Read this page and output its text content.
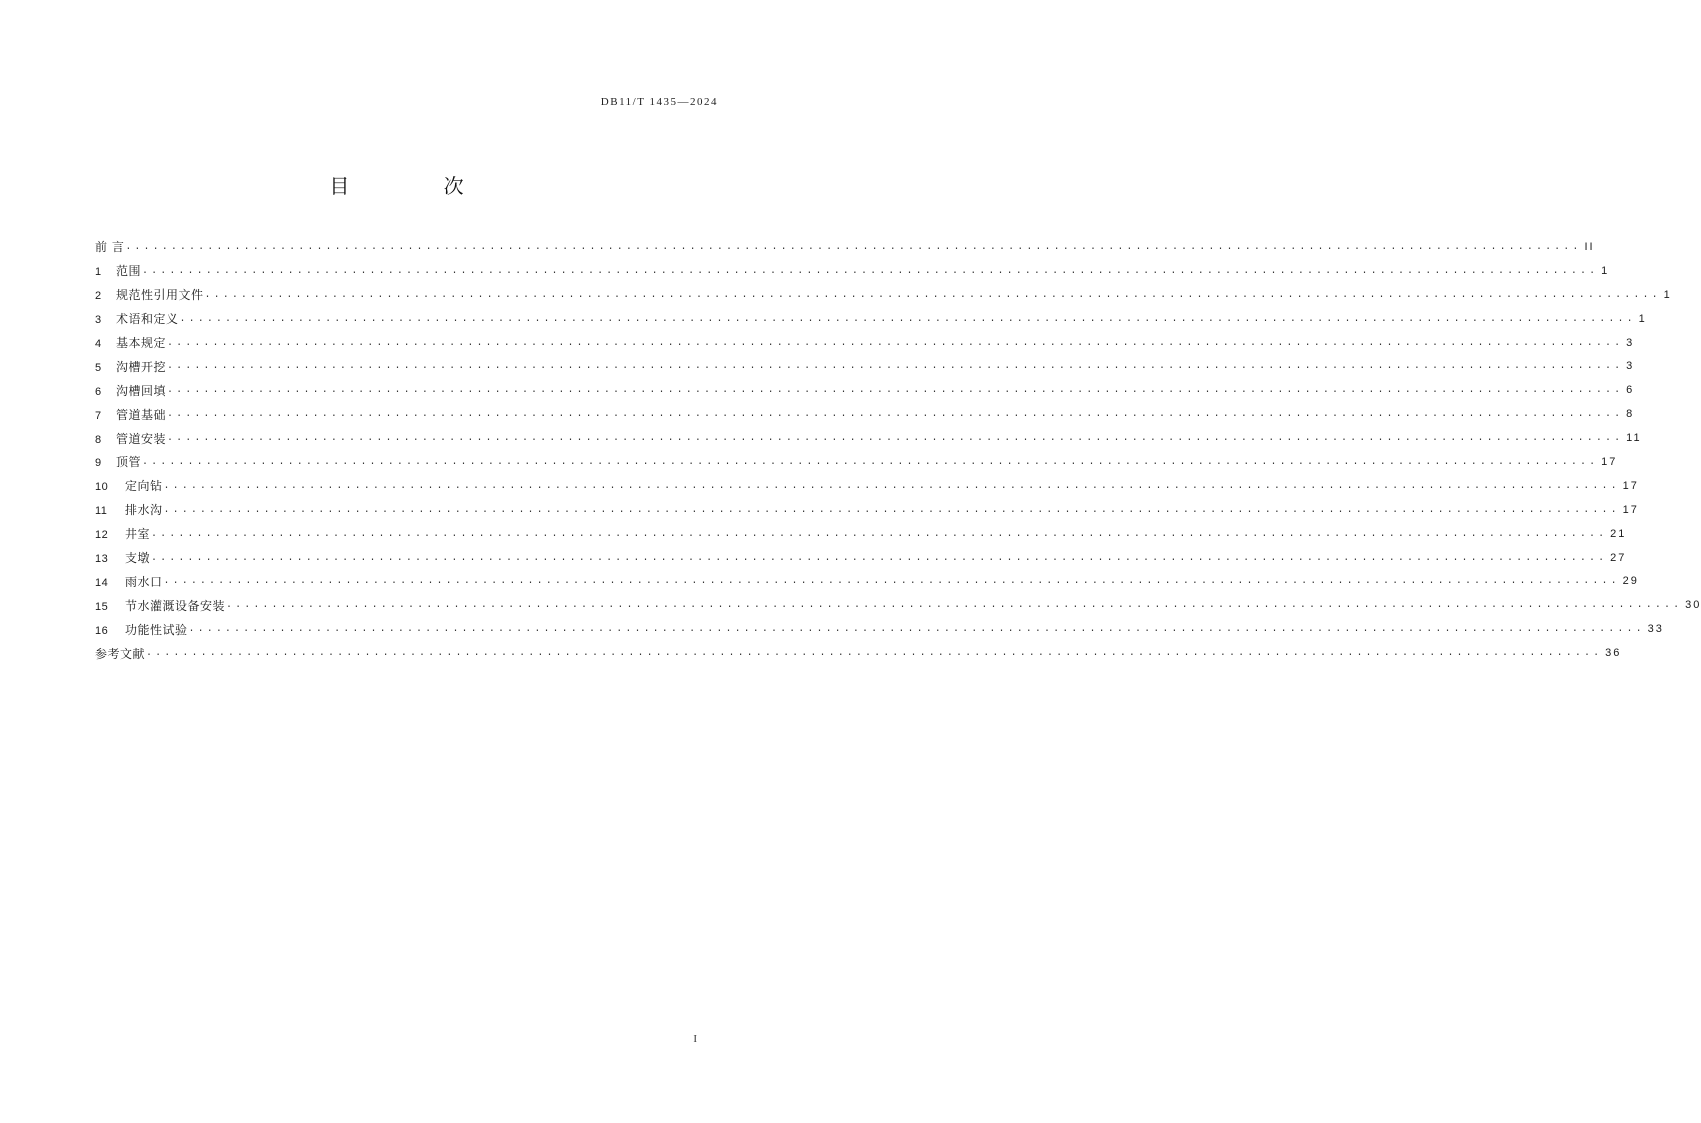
DB11/T 1435—2024
目 次
前 言 ................................................................................................................................................................ II
1 范围 ................................................................................................................................................................ 1
2 规范性引用文件 ................................................................................................................................................................ 1
3 术语和定义 ................................................................................................................................................................ 1
4 基本规定 ................................................................................................................................................................ 3
5 沟槽开挖 ................................................................................................................................................................ 3
6 沟槽回填 ................................................................................................................................................................ 6
7 管道基础 ................................................................................................................................................................ 8
8 管道安装 ................................................................................................................................................................ 11
9 顶管 ................................................................................................................................................................ 17
10 定向钻 ................................................................................................................................................................ 17
11 排水沟 ................................................................................................................................................................ 17
12 井室 ................................................................................................................................................................ 21
13 支墩 ................................................................................................................................................................ 27
14 雨水口 ................................................................................................................................................................ 29
15 节水灌溉设备安装 ................................................................................................................................................................ 30
16 功能性试验 ................................................................................................................................................................ 33
参考文献 ................................................................................................................................................................ 36
I
